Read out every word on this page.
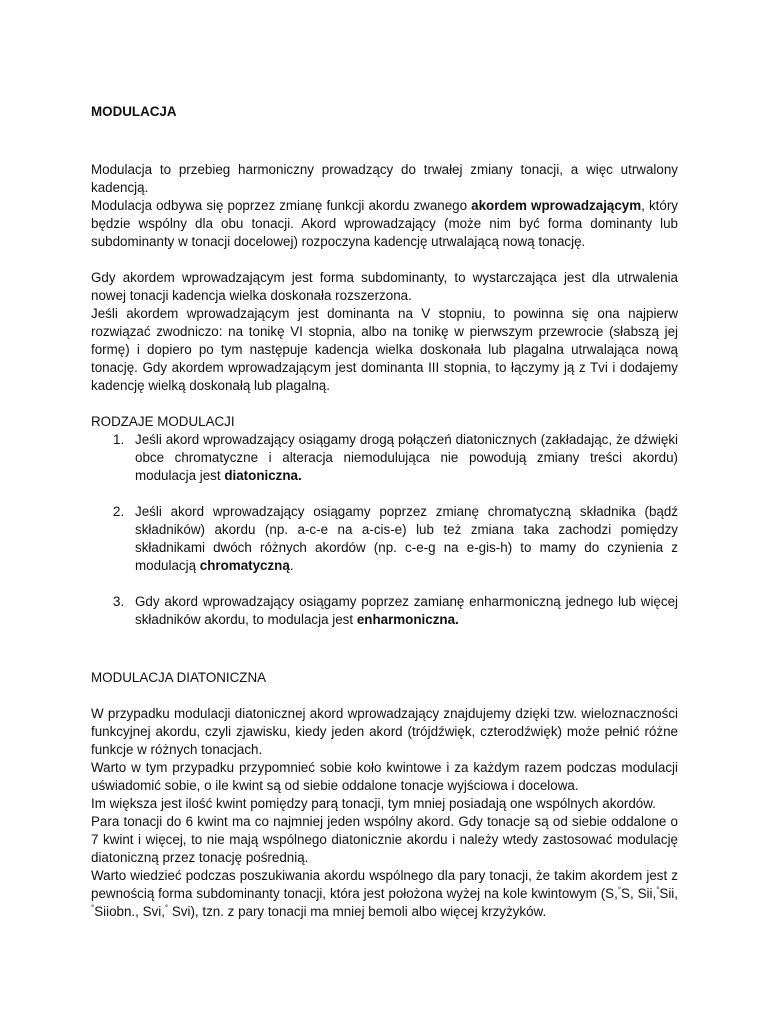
MODULACJA

Modulacja to przebieg harmoniczny prowadzący do trwałej zmiany tonacji, a więc utrwalony kadencją.

Modulacja odbywa się poprzez zmianę funkcji akordu zwanego akordem wprowadzającym, który będzie wspólny dla obu tonacji. Akord wprowadzający (może nim być forma dominanty lub subdominanty w tonacji docelowej) rozpoczyna kadencję utrwalającą nową tonację.

Gdy akordem wprowadzającym jest forma subdominanty, to wystarczająca jest dla utrwalenia nowej tonacji kadencja wielka doskonała rozszerzona.

Jeśli akordem wprowadzającym jest dominanta na V stopniu, to powinna się ona najpierw rozwiązać zwodniczo: na tonikę VI stopnia, albo na tonikę w pierwszym przewrocie (słabszą jej formę) i dopiero po tym następuje kadencja wielka doskonała lub plagalna utrwalająca nową tonację. Gdy akordem wprowadzającym jest dominanta III stopnia, to łączymy ją z Tvi i dodajemy kadencję wielką doskonałą lub plagalną.

RODZAJE MODULACJI

1. Jeśli akord wprowadzający osiągamy drogą połączeń diatonicznych (zakładając, że dźwięki obce chromatyczne i alteracja niemodulująca nie powodują zmiany treści akordu) modulacja jest diatoniczna.
2. Jeśli akord wprowadzający osiągamy poprzez zmianę chromatyczną składnika (bądź składników) akordu (np. a-c-e na a-cis-e) lub też zmiana taka zachodzi pomiędzy składnikami dwóch różnych akordów (np. c-e-g na e-gis-h) to mamy do czynienia z modulacją chromatyczną.
3. Gdy akord wprowadzający osiągamy poprzez zamianę enharmoniczną jednego lub więcej składników akordu, to modulacja jest enharmoniczna.

MODULACJA DIATONICZNA

W przypadku modulacji diatonicznej akord wprowadzający znajdujemy dzięki tzw. wieloznaczności funkcyjnej akordu, czyli zjawisku, kiedy jeden akord (trójdźwięk, czterodźwięk) może pełnić różne funkcje w różnych tonacjach.

Warto w tym przypadku przypomnieć sobie koło kwintowe i za każdym razem podczas modulacji uświadomić sobie, o ile kwint są od siebie oddalone tonacje wyjściowa i docelowa.

Im większa jest ilość kwint pomiędzy parą tonacji, tym mniej posiadają one wspólnych akordów.

Para tonacji do 6 kwint ma co najmniej jeden wspólny akord. Gdy tonacje są od siebie oddalone o 7 kwint i więcej, to nie mają wspólnego diatonicznie akordu i należy wtedy zastosować modulację diatoniczną przez tonację pośrednią.

Warto wiedzieć podczas poszukiwania akordu wspólnego dla pary tonacji, że takim akordem jest z pewnością forma subdominanty tonacji, która jest położona wyżej na kole kwintowym (S,°S, Sii,°Sii,°Siiobn., Svi,° Svi), tzn. z pary tonacji ma mniej bemoli albo więcej krzyżyków.
